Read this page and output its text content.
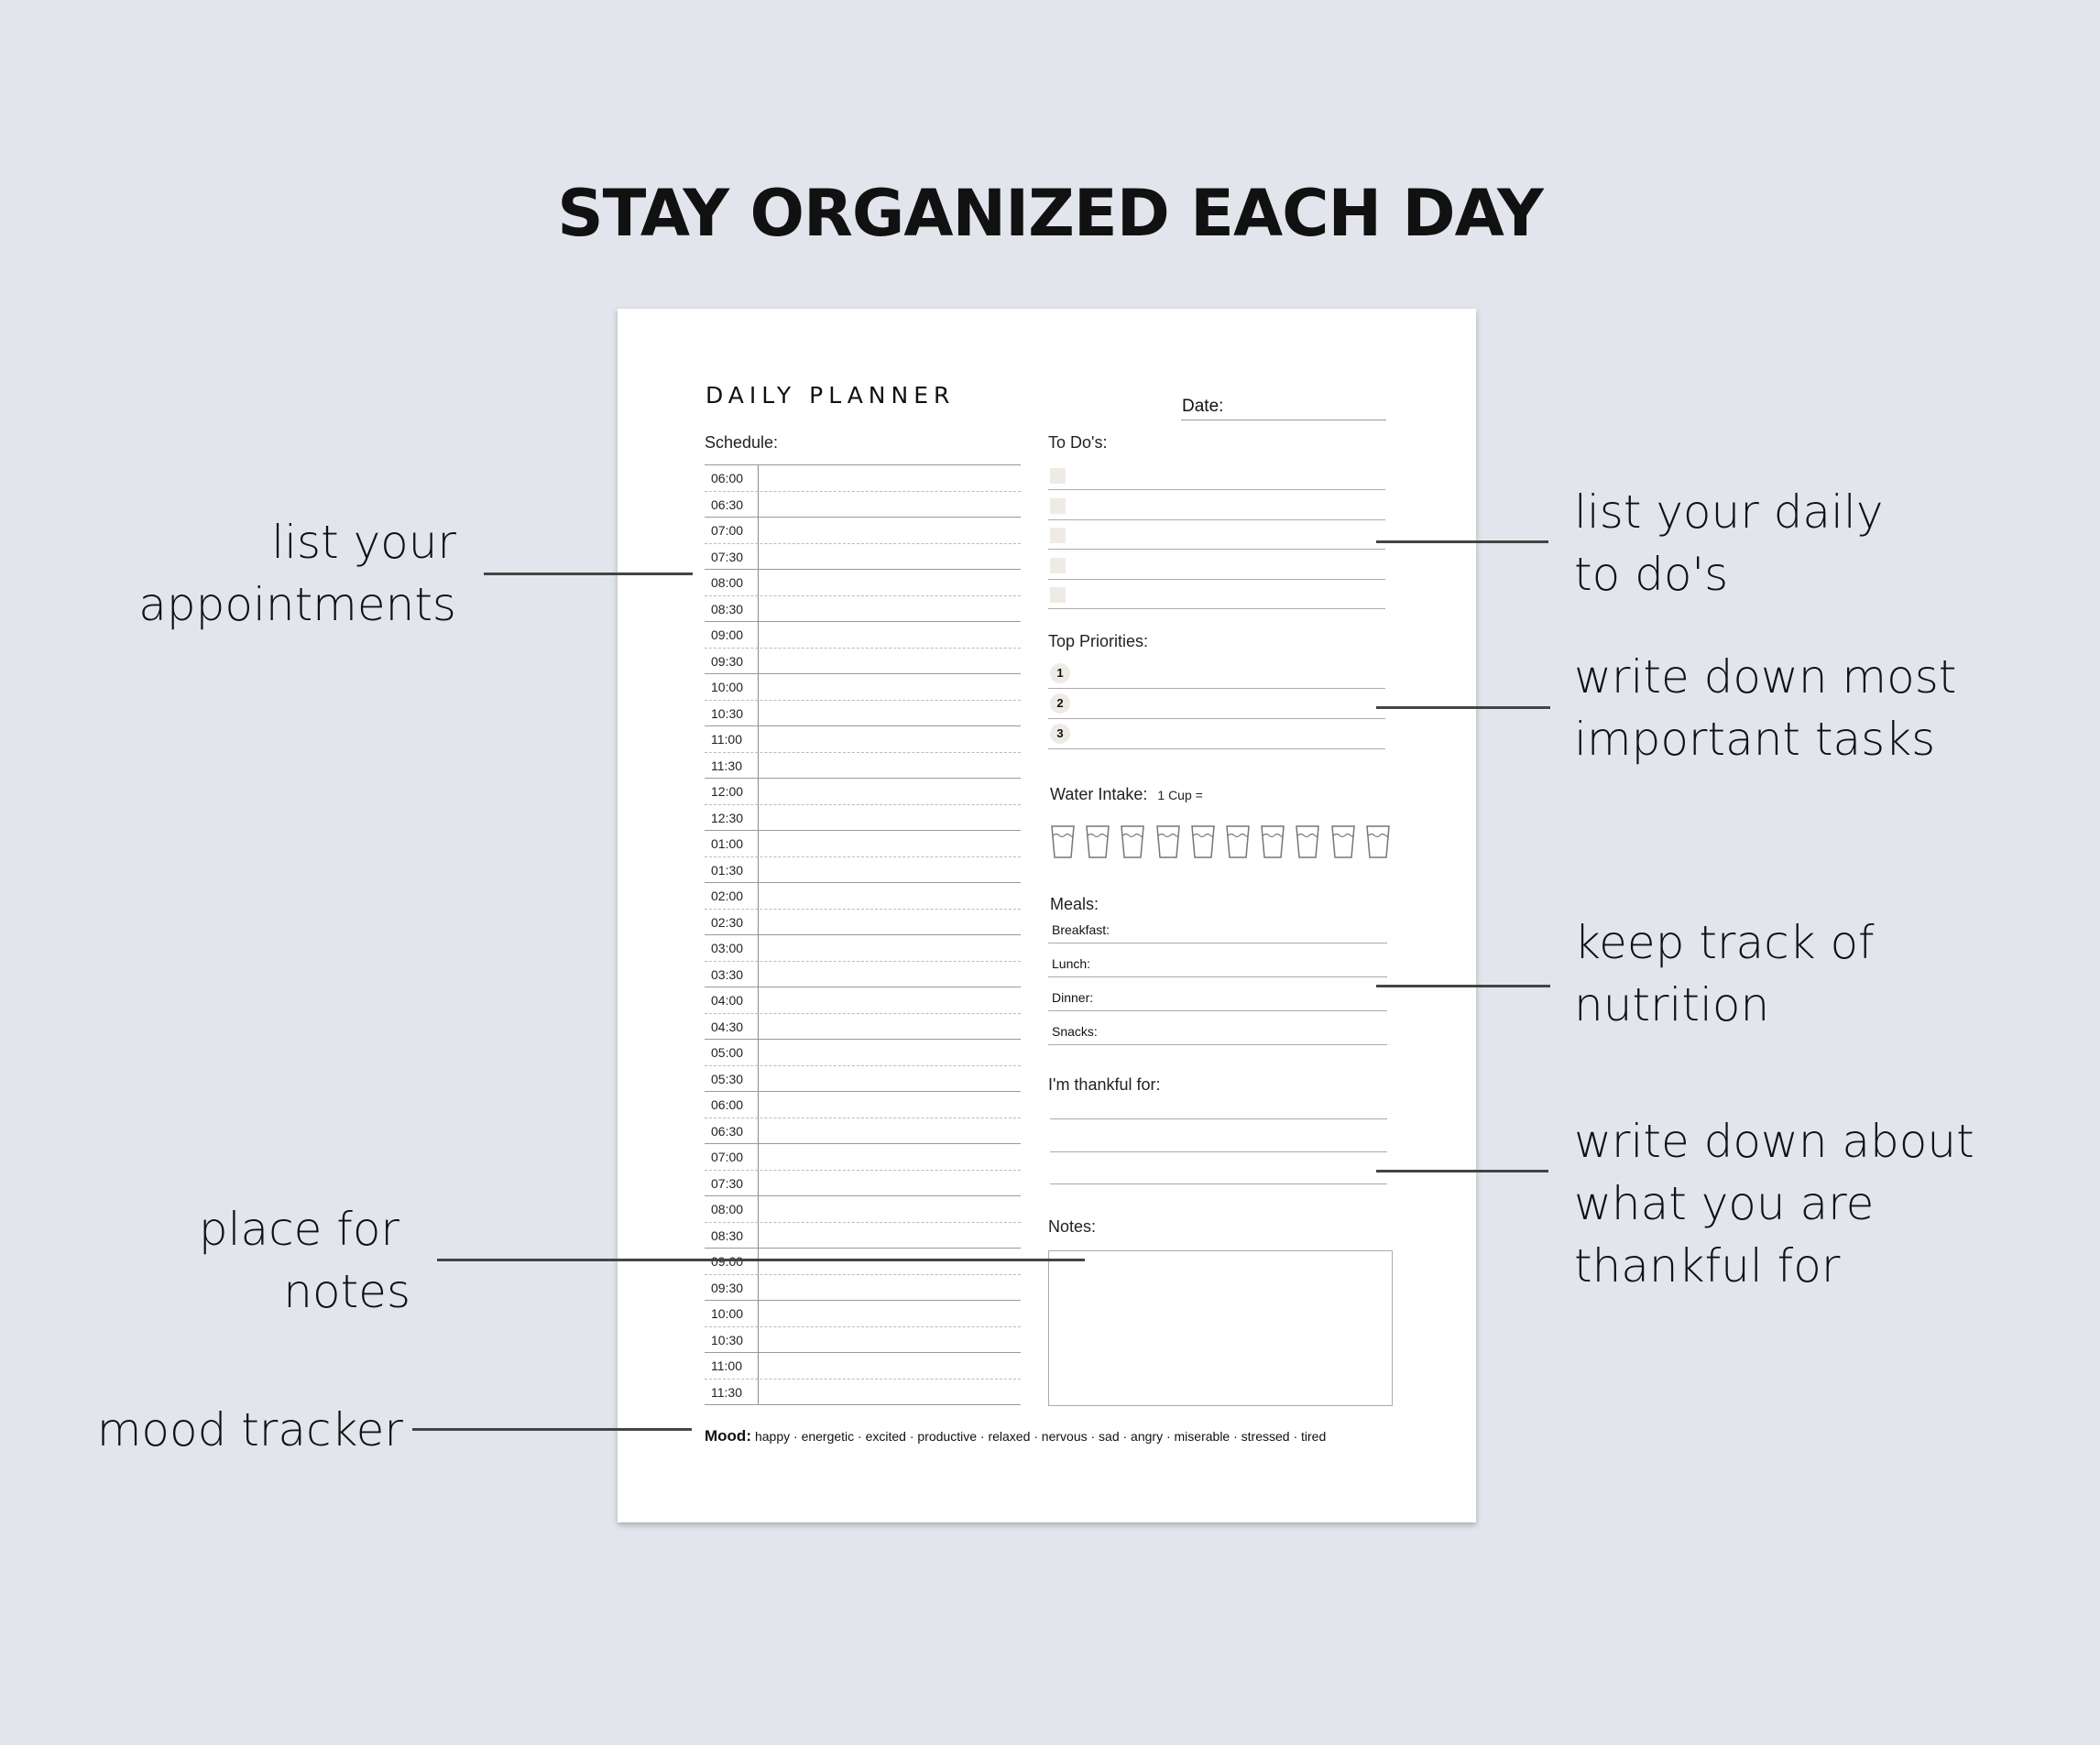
STAY ORGANIZED EACH DAY
DAILY PLANNER	Date:
Schedule:
06:00
06:30
07:00
07:30
08:00
08:30
09:00
09:30
10:00
10:30
11:00
11:30
12:00
12:30
01:00
01:30
02:00
02:30
03:00
03:30
04:00
04:30
05:00
05:30
06:00
06:30
07:00
07:30
08:00
08:30
09:00
09:30
10:00
10:30
11:00
11:30
To Do's:
Top Priorities:
1
2
3
Water Intake: 1 Cup =
Meals:
Breakfast:
Lunch:
Dinner:
Snacks:
I'm thankful for:
Notes:
Mood: happy · energetic · excited · productive · relaxed · nervous · sad · angry · miserable · stressed · tired
list your
appointments
list your daily
to do's
write down most
important tasks
keep track of
nutrition
write down about
what you are
thankful for
place for
notes
mood tracker
